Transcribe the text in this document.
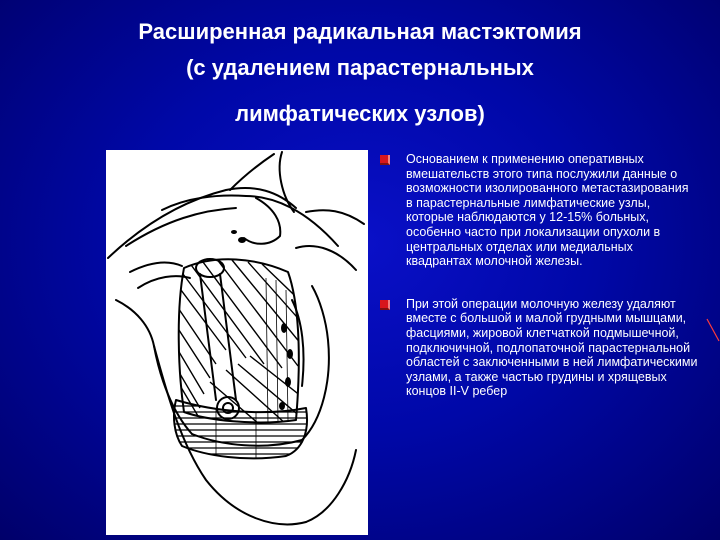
Расширенная радикальная мастэктомия
(с удалением парастернальных
лимфатических узлов)
Основанием к применению оперативных вмешательств этого типа послужили данные о возможности изолированного метастазирования в парастернальные лимфатические узлы, которые наблюдаются у 12-15% больных, особенно часто при локализации опухоли в центральных отделах или медиальных квадрантах молочной железы.
При этой операции молочную железу удаляют вместе с большой и малой грудными мышцами, фасциями, жировой клетчаткой подмышечной, подключичной, подлопаточной парастернальной областей с заключенными в ней лимфатическими узлами, а также частью грудины и хрящевых концов II-V ребер
